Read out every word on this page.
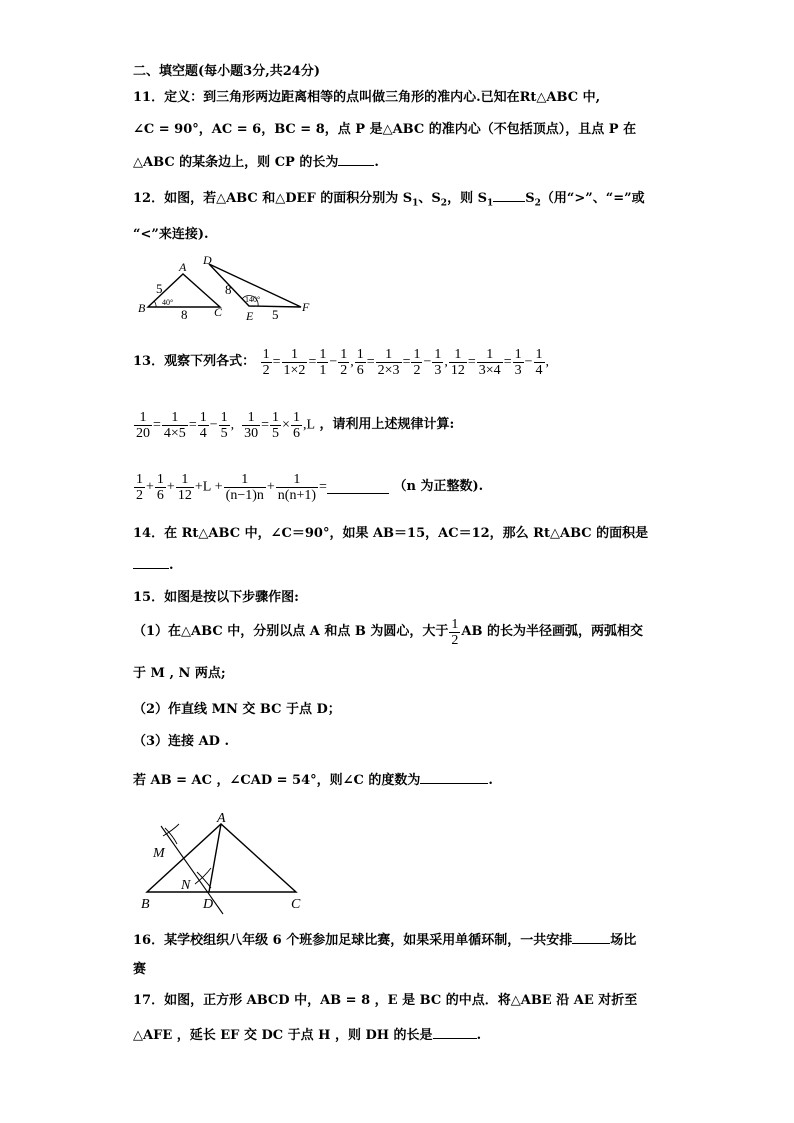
二、填空题(每小题3分,共24分)
11．定义：到三角形两边距离相等的点叫做三角形的准内心.已知在Rt△ABC 中,
∠C = 90°，AC = 6，BC = 8，点 P 是△ABC 的准内心（不包括顶点），且点 P 在
△ABC 的某条边上，则 CP 的长为	.
12．如图，若△ABC 和△DEF 的面积分别为 $S_1$、$S_2$，则 $S_1$ $S_2$（用“>”、“=”或
“<”来连接).
B
A
C
5
8
40°
D
E
F
8
5
140°
13．观察下列各式： $\frac{1}{2} = \frac{1}{1\times 2} = \frac{1}{1} - \frac{1}{2}$ , $\frac{1}{6} = \frac{1}{2\times 3} = \frac{1}{2} - \frac{1}{3}$ , $\frac{1}{12} = \frac{1}{3\times 4} = \frac{1}{3} - \frac{1}{4}$ ,
$\frac{1}{20} = \frac{1}{4\times 5} = \frac{1}{4} - \frac{1}{5}$ , $\frac{1}{30} = \frac{1}{5} \times \frac{1}{6} ,L$ ，请利用上述规律计算:
$\frac{1}{2} + \frac{1}{6} + \frac{1}{12} +L + \frac{1}{(n-1)n} + \frac{1}{n(n+1)}$ =	（n 为正整数).
14．在 Rt△ABC 中，∠C＝90°，如果 AB＝15，AC＝12，那么 Rt△ABC 的面积是
.
15．如图是按以下步骤作图:
（1）在△ABC 中，分别以点 A 和点 B 为圆心，大于 $\frac{1}{2}$ AB 的长为半径画弧，两弧相交
于 M , N 两点;
（2）作直线 MN 交 BC 于点 D；
（3）连接 AD .
若 AB = AC ，∠CAD = 54°，则∠C 的度数为	.
A
B	C
D
M
N
16．某学校组织八年级 6 个班参加足球比赛，如果采用单循环制，一共安排	场比
赛
17．如图，正方形 ABCD 中，AB = 8 ，E 是 BC 的中点．将△ABE 沿 AE 对折至
△AFE ，延长 EF 交 DC 于点 H ，则 DH 的长是	.
